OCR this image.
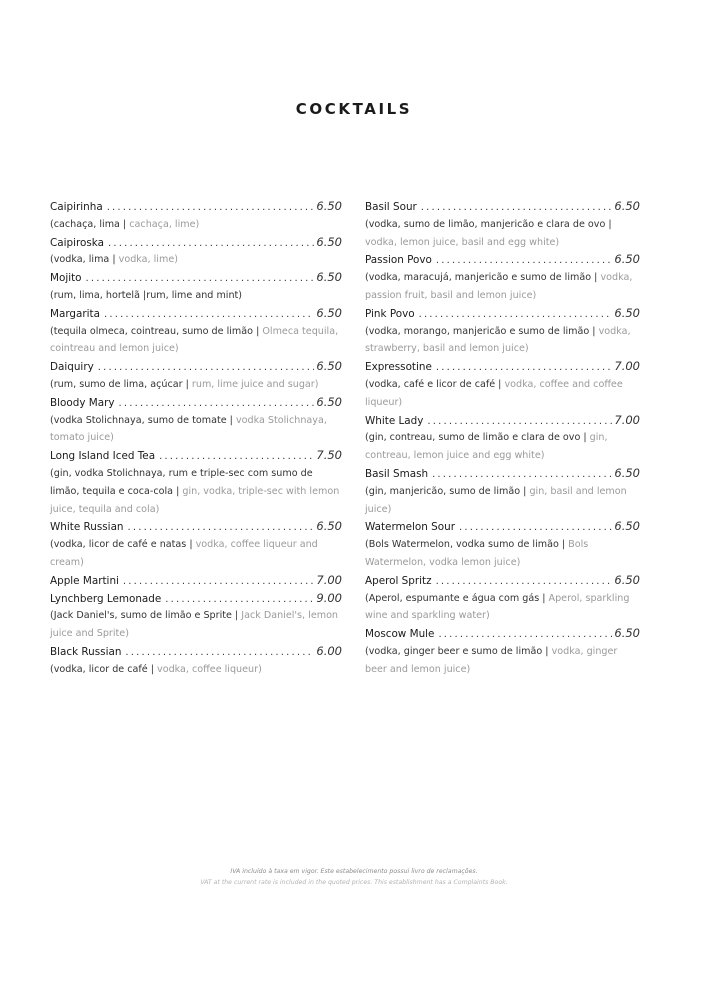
COCKTAILS
Caipirinha . . .	6.50
(cachaça, lima | cachaça, lime)
Caipiroska . . .	6.50
(vodka, lima | vodka, lime)
Mojito . . .	6.50
(rum, lima, hortelã |rum, lime and mint)
Margarita . . .	6.50
(tequila olmeca, cointreau, sumo de limão | Olmeca tequila, cointreau and lemon juice)
Daiquiry . . .	6.50
(rum, sumo de lima, açúcar | rum, lime juice and sugar)
Bloody Mary . . .	6.50
(vodka Stolichnaya, sumo de tomate | vodka Stolichnaya, tomato juice)
Long Island Iced Tea . . .	7.50
(gin, vodka Stolichnaya, rum e triple-sec com sumo de limão, tequila e coca-cola | gin, vodka, triple-sec with lemon juice, tequila and cola)
White Russian . . .	6.50
(vodka, licor de café e natas | vodka, coffee liqueur and cream)
Apple Martini . . .	7.00
Lynchberg Lemonade . . .	9.00
(Jack Daniel's, sumo de limão e Sprite | Jack Daniel's, lemon juice and Sprite)
Black Russian . . .	6.00
(vodka, licor de café | vodka, coffee liqueur)
Basil Sour . . .	6.50
(vodka, sumo de limão, manjericão e clara de ovo | vodka, lemon juice, basil and egg white)
Passion Povo . . .	6.50
(vodka, maracujá, manjericão e sumo de limão | vodka, passion fruit, basil and lemon juice)
Pink Povo . . .	6.50
(vodka, morango, manjericão e sumo de limão | vodka, strawberry, basil and lemon juice)
Expressotine . . .	7.00
(vodka, café e licor de café | vodka, coffee and coffee liqueur)
White Lady . . .	7.00
(gin, contreau, sumo de limão e clara de ovo | gin, contreau, lemon juice and egg white)
Basil Smash . . .	6.50
(gin, manjericão, sumo de limão | gin, basil and lemon juice)
Watermelon Sour . . .	6.50
(Bols Watermelon, vodka sumo de limão | Bols Watermelon, vodka lemon juice)
Aperol Spritz . . .	6.50
(Aperol, espumante e água com gás | Aperol, sparkling wine and sparkling water)
Moscow Mule . . .	6.50
(vodka, ginger beer e sumo de limão | vodka, ginger beer and lemon juice)
IVA incluído à taxa em vigor. Este estabelecimento possui livro de reclamações.
VAT at the current rate is included in the quoted prices. This establishment has a Complaints Book.
